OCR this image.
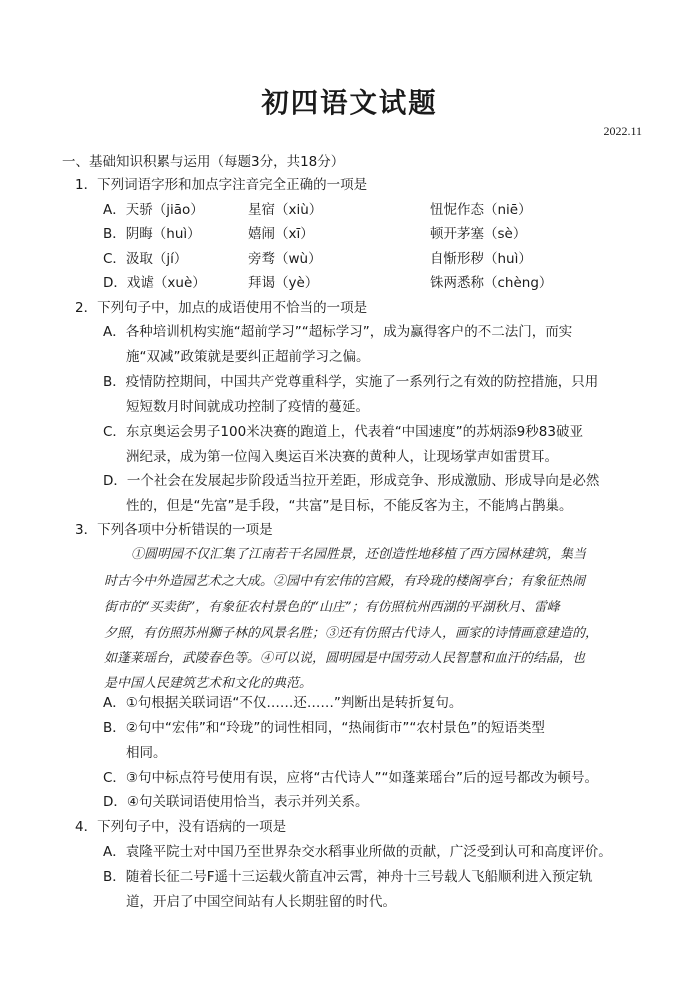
初四语文试题
2022.11
一、基础知识积累与运用（每题3分，共18分）
1．下列词语字形和加点字注音完全正确的一项是
A．天骄（jiāo）	星宿（xiù）	忸怩作态（niē）
B．阴晦（huì）	嬉闹（xī）	顿开茅塞（sè）
C．汲取（jí）	旁骛（wù）	自惭形秽（huì）
D．戏谑（xuè）	拜谒（yè）	铢两悉称（chèng）
2．下列句子中，加点的成语使用不恰当的一项是
A．各种培训机构实施“超前学习”“超标学习”，成为赢得客户的不二法门，而实
施“双减”政策就是要纠正超前学习之偏。
B．疫情防控期间，中国共产党尊重科学，实施了一系列行之有效的防控措施，只用
短短数月时间就成功控制了疫情的蔓延。
C．东京奥运会男子100米决赛的跑道上，代表着“中国速度”的苏炳添9秒83破亚
洲纪录，成为第一位闯入奥运百米决赛的黄种人，让现场掌声如雷贯耳。
D．一个社会在发展起步阶段适当拉开差距，形成竞争、形成激励、形成导向是必然
性的，但是“先富”是手段，“共富”是目标，不能反客为主，不能鸠占鹊巢。
3．下列各项中分析错误的一项是
①圆明园不仅汇集了江南若干名园胜景，还创造性地移植了西方园林建筑，集当
时古今中外造园艺术之大成。②园中有宏伟的宫殿，有玲珑的楼阁亭台；有象征热闹
街市的“买卖街”，有象征农村景色的“山庄”；有仿照杭州西湖的平湖秋月、雷峰
夕照，有仿照苏州狮子林的风景名胜；③还有仿照古代诗人，画家的诗情画意建造的，
如蓬莱瑶台，武陵春色等。④可以说，圆明园是中国劳动人民智慧和血汗的结晶，也
是中国人民建筑艺术和文化的典范。
A．①句根据关联词语“不仅……还……”判断出是转折复句。
B．②句中“宏伟”和“玲珑”的词性相同，“热闹街市”“农村景色”的短语类型
相同。
C．③句中标点符号使用有误，应将“古代诗人”“如蓬莱瑶台”后的逗号都改为顿号。
D．④句关联词语使用恰当，表示并列关系。
4．下列句子中，没有语病的一项是
A．袁隆平院士对中国乃至世界杂交水稻事业所做的贡献，广泛受到认可和高度评价。
B．随着长征二号F遥十三运载火箭直冲云霄，神舟十三号载人飞船顺利进入预定轨
道，开启了中国空间站有人长期驻留的时代。
